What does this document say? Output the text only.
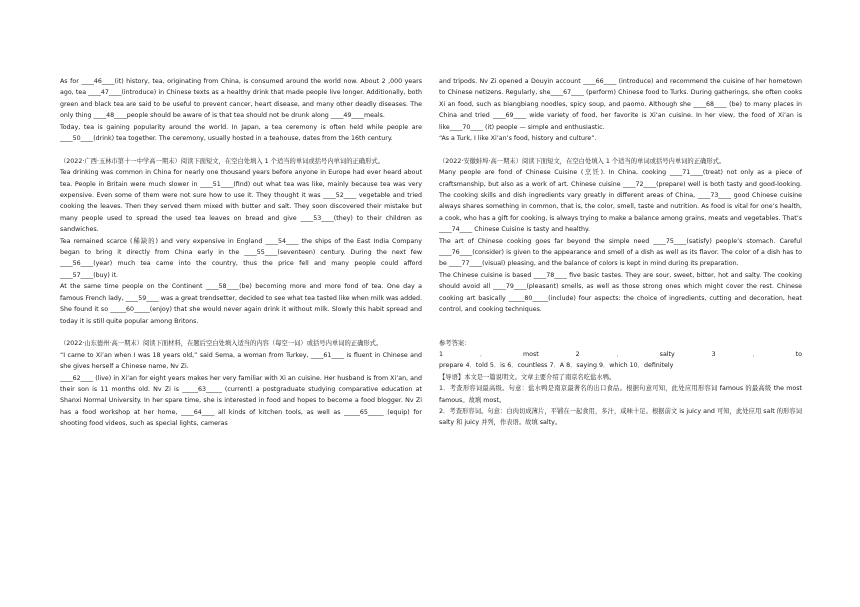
As for ____46____(it) history, tea, originating from China, is consumed around the world now. About 2 ,000 years ago, tea ____47____(introduce) in Chinese texts as a healthy drink that made people live longer. Additionally, both green and black tea are said to be useful to prevent cancer, heart disease, and many other deadly diseases. The only thing ____48____people should be aware of is that tea should not be drunk along ____49____meals.

Today, tea is gaining popularity around the world. In Japan, a tea ceremony is often held while people are ____50____(drink) tea together. The ceremony, usually hosted in a teahouse, dates from the 16th century.

（2022·广西·玉林市第十一中学高一期末）阅读下面短文，在空白处填入 1 个适当的单词或括号内单词的正确形式。

Tea drinking was common in China for nearly one thousand years before anyone in Europe had ever heard about tea. People in Britain were much slower in ____51____(find) out what tea was like, mainly because tea was very expensive. Even some of them were not sure how to use it. They thought it was ____52____ vegetable and tried cooking the leaves. Then they served them mixed with butter and salt. They soon discovered their mistake but many people used to spread the used tea leaves on bread and give ____53____(they) to their children as sandwiches.

Tea remained scarce (稀缺的) and very expensive in England ____54____ the ships of the East India Company began to bring it directly from China early in the ____55____(seventeen) century. During the next few ____56____(year) much tea came into the country, thus the price fell and many people could afford ____57____(buy) it.

At the same time people on the Continent ____58____(be) becoming more and more fond of tea. One day a famous French lady, ____59____ was a great trendsetter, decided to see what tea tasted like when milk was added. She found it so _____60_____(enjoy) that she would never again drink it without milk. Slowly this habit spread and today it is still quite popular among Britons.

（2022·山东德州·高一期末）阅读下面材料，在题后空白处填入适当的内容（每空一词）或括号内单词的正确形式。

“I came to Xi’an when I was 18 years old,” said Sema, a woman from Turkey, ____61____ is fluent in Chinese and she gives herself a Chinese name, Nv Zi.

____62____ (live) in Xi’an for eight years makes her very familiar with Xi an cuisine. Her husband is from Xi’an, and their son is 11 months old. Nv Zi is _____63_____ (current) a postgraduate studying comparative education at Shanxi Normal University. In her spare time, she is interested in food and hopes to become a food blogger. Nv Zi has a food workshop at her home, ____64____ all kinds of kitchen tools, as well as _____65_____ (equip) for shooting food videos, such as special lights, cameras

and tripods. Nv Zi opened a Douyin account ____66____ (introduce) and recommend the cuisine of her hometown to Chinese netizens. Regularly, she____67____ (perform) Chinese food to Turks. During gatherings, she often cooks Xi an food, such as biangbiang noodles, spicy soup, and paomo. Although she ____68____ (be) to many places in China and tried ____69____ wide variety of food, her favorite is Xi’an cuisine. In her view, the food of Xi’an is like____70____ (it) people — simple and enthusiastic.

“As a Turk, I like Xi’an’s food, history and culture”.

（2022·安徽蚌埠·高一期末）阅读下面短文，在空白处填入 1 个适当的单词或括号内单词的正确形式。

Many people are fond of Chinese Cuisine (烹饪). In China, cooking ____71____(treat) not only as a piece of craftsmanship, but also as a work of art. Chinese cuisine ____72____(prepare) well is both tasty and good-looking. The cooking skills and dish ingredients vary greatly in different areas of China, ____73____ good Chinese cuisine always shares something in common, that is, the color, smell, taste and nutrition. As food is vital for one’s health, a cook, who has a gift for cooking, is always trying to make a balance among grains, meats and vegetables. That’s ____74____ Chinese Cuisine is tasty and healthy.

The art of Chinese cooking goes far beyond the simple need ____75____(satisfy) people’s stomach. Careful ____76____(consider) is given to the appearance and smell of a dish as well as its flavor. The color of a dish has to be ____77____(visual) pleasing, and the balance of colors is kept in mind during its preparation.

The Chinese cuisine is based ____78____ five basic tastes. They are sour, sweet, bitter, hot and salty. The cooking should avoid all ____79____(pleasant) smells, as well as those strong ones which might cover the rest. Chinese cooking art basically _____80_____(include) four aspects: the choice of ingredients, cutting and decoration, heat control, and cooking techniques.

参考答案：

1	．	most	2	．	salty	3	．	to

prepare 4．told 5．is 6．countless 7．A 8．saying 9．which 10．definitely

【导语】本文是一篇说明文。文章主要介绍了南京名吃盐水鸭。

1．考查形容词最高级。句意：盐水鸭是南京最著名的出口食品。根据句意可知，此处应用形容词 famous 的最高级 the most famous。故填 most。

2．考查形容词。句意：白肉切成薄片，平铺在一起食用，多汁，咸味十足。根据前文 is juicy and 可知，此处应用 salt 的形容词 salty 和 juicy 并列，作表语。故填 salty。
